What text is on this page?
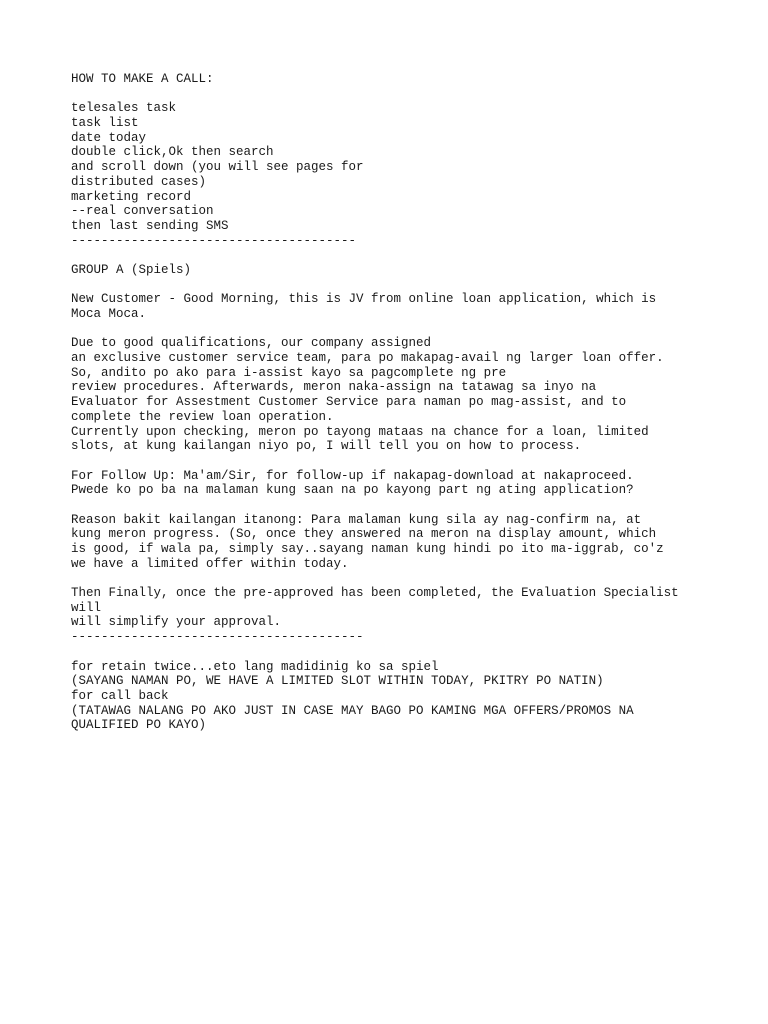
HOW TO MAKE A CALL:
telesales task
task list
date today
double click,Ok then search
and scroll down (you will see pages for
distributed cases)
marketing record
--real conversation
then last sending SMS
--------------------------------------
GROUP A (Spiels)
New Customer - Good Morning, this is JV from online loan application, which is
Moca Moca.
Due to good qualifications, our company assigned
an exclusive customer service team, para po makapag-avail ng larger loan offer.
So, andito po ako para i-assist kayo sa pagcomplete ng pre
review procedures. Afterwards, meron naka-assign na tatawag sa inyo na
Evaluator for Assestment Customer Service para naman po mag-assist, and to
complete the review loan operation.
Currently upon checking, meron po tayong mataas na chance for a loan, limited
slots, at kung kailangan niyo po, I will tell you on how to process.
For Follow Up: Ma'am/Sir, for follow-up if nakapag-download at nakaproceed.
Pwede ko po ba na malaman kung saan na po kayong part ng ating application?
Reason bakit kailangan itanong: Para malaman kung sila ay nag-confirm na, at
kung meron progress. (So, once they answered na meron na display amount, which
is good, if wala pa, simply say..sayang naman kung hindi po ito ma-iggrab, co'z
we have a limited offer within today.
Then Finally, once the pre-approved has been completed, the Evaluation Specialist
will
will simplify your approval.
---------------------------------------
for retain twice...eto lang madidinig ko sa spiel
(SAYANG NAMAN PO, WE HAVE A LIMITED SLOT WITHIN TODAY, PKITRY PO NATIN)
for call back
(TATAWAG NALANG PO AKO JUST IN CASE MAY BAGO PO KAMING MGA OFFERS/PROMOS NA
QUALIFIED PO KAYO)
